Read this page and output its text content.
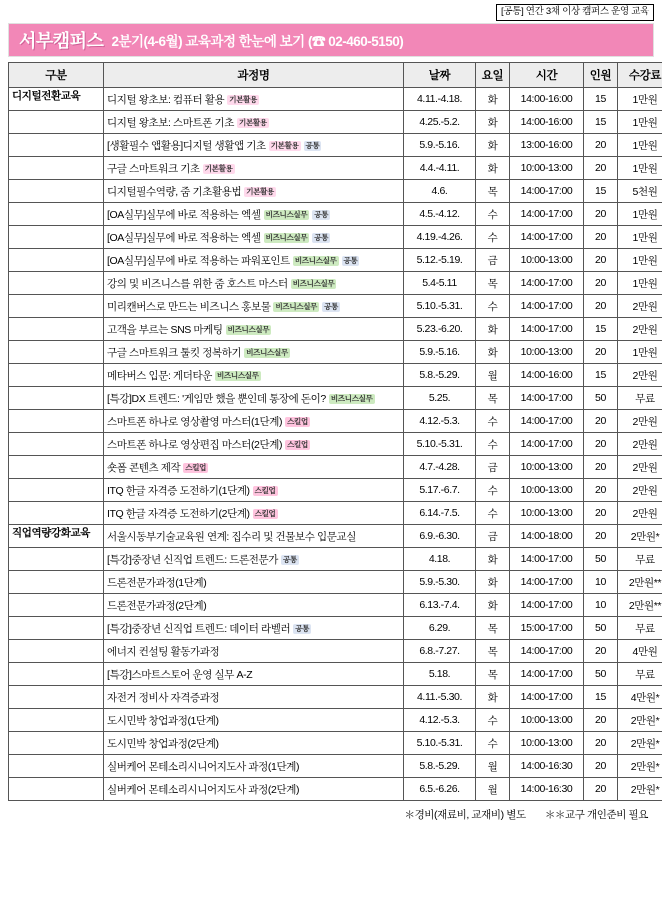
[공통] 연간 3채 이상 캠퍼스 운영 교육
서부캠퍼스 2분기(4-6월) 교육과정 한눈에 보기 (☎ 02-460-5150)
구분	과정명	날짜	요일	시간	인원	수강료
디지털전환교육	디지털 왕초보: 컴퓨터 활용 기본활용	4.11.-4.18.	화	14:00-16:00	15	1만원
	디지털 왕초보: 스마트폰 기초 기본활용	4.25.-5.2.	화	14:00-16:00	15	1만원
	[생활필수 앱활용]디지털 생활앱 기초 기본활용 공통	5.9.-5.16.	화	13:00-16:00	20	1만원
	구글 스마트워크 기초 기본활용	4.4.-4.11.	화	10:00-13:00	20	1만원
	디지털필수역량, 줌 기초활용법 기본활용	4.6.	목	14:00-17:00	15	5천원
	[OA실무]실무에 바로 적용하는 엑셀 비즈니스실무 공통	4.5.-4.12.	수	14:00-17:00	20	1만원
	[OA실무]실무에 바로 적용하는 엑셀 비즈니스실무 공통	4.19.-4.26.	수	14:00-17:00	20	1만원
	[OA실무]실무에 바로 적용하는 파워포인트 비즈니스실무 공통	5.12.-5.19.	금	10:00-13:00	20	1만원
	강의 및 비즈니스를 위한 줌 호스트 마스터 비즈니스실무	5.4-5.11	목	14:00-17:00	20	1만원
	미리캔버스로 만드는 비즈니스 홍보물 비즈니스실무 공통	5.10.-5.31.	수	14:00-17:00	20	2만원
	고객을 부르는 SNS 마케팅 비즈니스실무	5.23.-6.20.	화	14:00-17:00	15	2만원
	구글 스마트워크 툴킷 정복하기 비즈니스실무	5.9.-5.16.	화	10:00-13:00	20	1만원
	메타버스 입문: 게더타운 비즈니스실무	5.8.-5.29.	월	14:00-16:00	15	2만원
	[특강]DX 트렌드: '게임만 했을 뿐인데 통장에 돈이? 비즈니스실무	5.25.	목	14:00-17:00	50	무료
	스마트폰 하나로 영상촬영 마스터(1단계) 스킬업	4.12.-5.3.	수	14:00-17:00	20	2만원
	스마트폰 하나로 영상편집 마스터(2단계) 스킬업	5.10.-5.31.	수	14:00-17:00	20	2만원
	숏폼 콘텐츠 제작 스킬업	4.7.-4.28.	금	10:00-13:00	20	2만원
	ITQ 한글 자격증 도전하기(1단계) 스킬업	5.17.-6.7.	수	10:00-13:00	20	2만원
	ITQ 한글 자격증 도전하기(2단계) 스킬업	6.14.-7.5.	수	10:00-13:00	20	2만원
직업역량강화교육	서울시동부기술교육원 연계: 집수리 및 건물보수 입문교실	6.9.-6.30.	금	14:00-18:00	20	2만원*
	[특강]중장년 신직업 트렌드: 드론전문가 공통	4.18.	화	14:00-17:00	50	무료
	드론전문가과정(1단계)	5.9.-5.30.	화	14:00-17:00	10	2만원**
	드론전문가과정(2단계)	6.13.-7.4.	화	14:00-17:00	10	2만원**
	[특강]중장년 신직업 트렌드: 데이터 라벨러 공통	6.29.	목	15:00-17:00	50	무료
	에너지 컨설팅 활동가과정	6.8.-7.27.	목	14:00-17:00	20	4만원
	[특강]스마트스토어 운영 실무 A-Z	5.18.	목	14:00-17:00	50	무료
	자전거 정비사 자격증과정	4.11.-5.30.	화	14:00-17:00	15	4만원*
	도시민박 창업과정(1단계)	4.12.-5.3.	수	10:00-13:00	20	2만원*
	도시민박 창업과정(2단계)	5.10.-5.31.	수	10:00-13:00	20	2만원*
	실버케어 몬테소리시니어지도사 과정(1단계)	5.8.-5.29.	월	14:00-16:30	20	2만원*
	실버케어 몬테소리시니어지도사 과정(2단계)	6.5.-6.26.	월	14:00-16:30	20	2만원*
＊경비(재료비, 교재비) 별도 ＊＊교구 개인준비 필요
